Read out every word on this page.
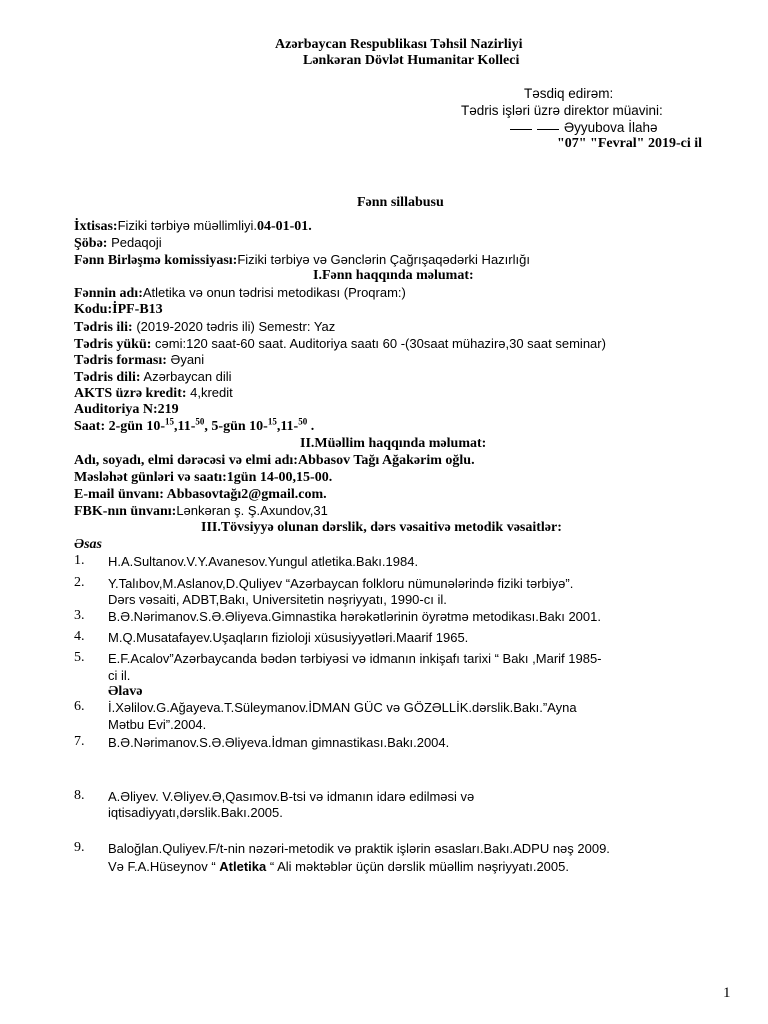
Azərbaycan Respublikası Təhsil Nazirliyi
Lənkəran Dövlət Humanitar Kolleci
Təsdiq edirəm:
Tədris işləri üzrə direktor müavini:
Əyyubova İlahə
"07" "Fevral" 2019-ci il
Fənn sillabusu
İxtisas:Fiziki tərbiyə müəllimliyi.04-01-01.
Şöbə: Pedaqoji
Fənn Birləşmə komissiyası:Fiziki tərbiyə və Gənclərin Çağrışaqədərki Hazırlığı
I.Fənn haqqında məlumat:
Fənnin adı:Atletika və onun tədrisi metodikası (Proqram:)
Kodu:İPF-B13
Tədris ili: (2019-2020 tədris ili) Semestr: Yaz
Tədris yükü: cəmi:120 saat-60 saat. Auditoriya saatı 60 -(30saat mühazirə,30 saat seminar)
Tədris forması: Əyani
Tədris dili: Azərbaycan dili
AKTS üzrə kredit: 4,kredit
Auditoriya N:219
Saat: 2-gün 10-$^{15}$,11-$^{50}$, 5-gün 10-$^{15}$,11-$^{50}$ .
II.Müəllim haqqında məlumat:
Adı, soyadı, elmi dərəcəsi və elmi adı:Abbasov Tağı Ağakərim oğlu.
Məsləhət günləri və saatı:1gün 14-00,15-00.
E-mail ünvanı: Abbasovtağı2@gmail.com.
FBK-nın ünvanı:Lənkəran ş. Ş.Axundov,31
III.Tövsiyyə olunan dərslik, dərs vəsaitivə metodik vəsaitlər:
Əsas
1. H.A.Sultanov.V.Y.Avanesov.Yungul atletika.Bakı.1984.
2. Y.Talıbov,M.Aslanov,D.Quliyev “Azərbaycan folkloru nümunələrində fiziki tərbiyə”.
Dərs vəsaiti, ADBT,Bakı, Universitetin nəşriyyatı, 1990-cı il.
3. B.Ə.Nərimanov.S.Ə.Əliyeva.Gimnastika hərəkətlərinin öyrətmə metodikası.Bakı 2001.
4. M.Q.Musatafayev.Uşaqların fizioloji xüsusiyyətləri.Maarif 1965.
5. E.F.Acalov”Azərbaycanda bədən tərbiyəsi və idmanın inkişafı tarixi “ Bakı ,Marif 1985-
ci il.
Əlavə
6. İ.Xəlilov.G.Ağayeva.T.Süleymanov.İDMAN GÜC və GÖZƏLLİK.dərslik.Bakı.”Ayna
Mətbu Evi”.2004.
7. B.Ə.Nərimanov.S.Ə.Əliyeva.İdman gimnastikası.Bakı.2004.
8. A.Əliyev. V.Əliyev.Ə,Qasımov.B-tsi və idmanın idarə edilməsi və
iqtisadiyyatı,dərslik.Bakı.2005.
9. Baloğlan.Quliyev.F/t-nin nəzəri-metodik və praktik işlərin əsasları.Bakı.ADPU nəş 2009.
Və F.A.Hüseynov “ Atletika “ Ali məktəblər üçün dərslik müəllim nəşriyyatı.2005.
1
